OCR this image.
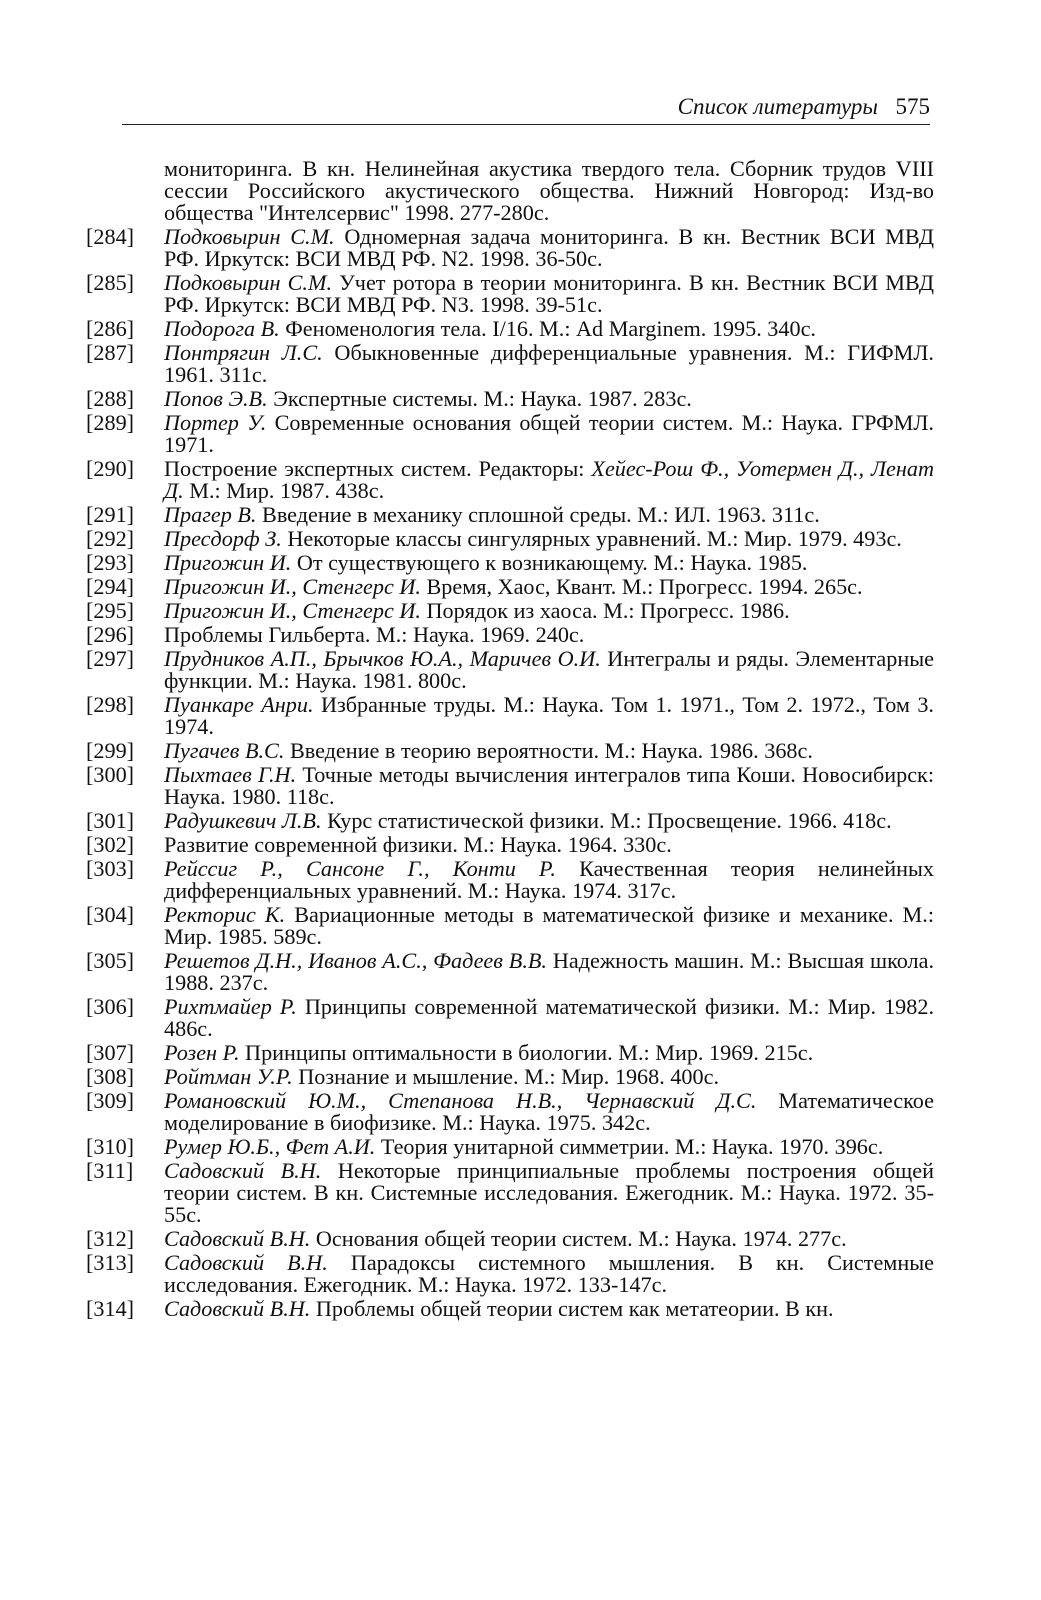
Список литературы 575
мониторинга. В кн. Нелинейная акустика твердого тела. Сборник трудов VIII сессии Российского акустического общества. Нижний Новгород: Изд-во общества "Интелсервис" 1998. 277-280с.
[284]	Подковырин С.М. Одномерная задача мониторинга. В кн. Вестник ВСИ МВД РФ. Иркутск: ВСИ МВД РФ. N2. 1998. 36-50с.
[285]	Подковырин С.М. Учет ротора в теории мониторинга. В кн. Вестник ВСИ МВД РФ. Иркутск: ВСИ МВД РФ. N3. 1998. 39-51с.
[286]	Подорога В. Феноменология тела. I/16. М.: Ad Marginem. 1995. 340с.
[287]	Понтрягин Л.С. Обыкновенные дифференциальные уравнения. М.: ГИФМЛ. 1961. 311с.
[288]	Попов Э.В. Экспертные системы. М.: Наука. 1987. 283с.
[289]	Портер У. Современные основания общей теории систем. М.: Наука. ГРФМЛ. 1971.
[290]	Построение экспертных систем. Редакторы: Хейес-Рош Ф., Уотермен Д., Ленат Д. М.: Мир. 1987. 438с.
[291]	Прагер В. Введение в механику сплошной среды. М.: ИЛ. 1963. 311с.
[292]	Пресдорф З. Некоторые классы сингулярных уравнений. М.: Мир. 1979. 493с.
[293]	Пригожин И. От существующего к возникающему. М.: Наука. 1985.
[294]	Пригожин И., Стенгерс И. Время, Хаос, Квант. М.: Прогресс. 1994. 265с.
[295]	Пригожин И., Стенгерс И. Порядок из хаоса. М.: Прогресс. 1986.
[296]	Проблемы Гильберта. М.: Наука. 1969. 240с.
[297]	Прудников А.П., Брычков Ю.А., Маричев О.И. Интегралы и ряды. Элементарные функции. М.: Наука. 1981. 800с.
[298]	Пуанкаре Анри. Избранные труды. М.: Наука. Том 1. 1971., Том 2. 1972., Том 3. 1974.
[299]	Пугачев В.С. Введение в теорию вероятности. М.: Наука. 1986. 368с.
[300]	Пыхтаев Г.Н. Точные методы вычисления интегралов типа Коши. Новосибирск: Наука. 1980. 118с.
[301]	Радушкевич Л.В. Курс статистической физики. М.: Просвещение. 1966. 418с.
[302]	Развитие современной физики. М.: Наука. 1964. 330с.
[303]	Рейссиг Р., Сансоне Г., Конти Р. Качественная теория нелинейных дифференциальных уравнений. М.: Наука. 1974. 317с.
[304]	Ректорис К. Вариационные методы в математической физике и механике. М.: Мир. 1985. 589с.
[305]	Решетов Д.Н., Иванов А.С., Фадеев В.В. Надежность машин. М.: Высшая школа. 1988. 237с.
[306]	Рихтмайер Р. Принципы современной математической физики. М.: Мир. 1982. 486с.
[307]	Розен Р. Принципы оптимальности в биологии. М.: Мир. 1969. 215с.
[308]	Ройтман У.Р. Познание и мышление. М.: Мир. 1968. 400с.
[309]	Романовский Ю.М., Степанова Н.В., Чернавский Д.С. Математическое моделирование в биофизике. М.: Наука. 1975. 342с.
[310]	Румер Ю.Б., Фет А.И. Теория унитарной симметрии. М.: Наука. 1970. 396с.
[311]	Садовский В.Н. Некоторые принципиальные проблемы построения общей теории систем. В кн. Системные исследования. Ежегодник. М.: Наука. 1972. 35-55с.
[312]	Садовский В.Н. Основания общей теории систем. М.: Наука. 1974. 277с.
[313]	Садовский В.Н. Парадоксы системного мышления. В кн. Системные исследования. Ежегодник. М.: Наука. 1972. 133-147с.
[314]	Садовский В.Н. Проблемы общей теории систем как метатеории. В кн.
